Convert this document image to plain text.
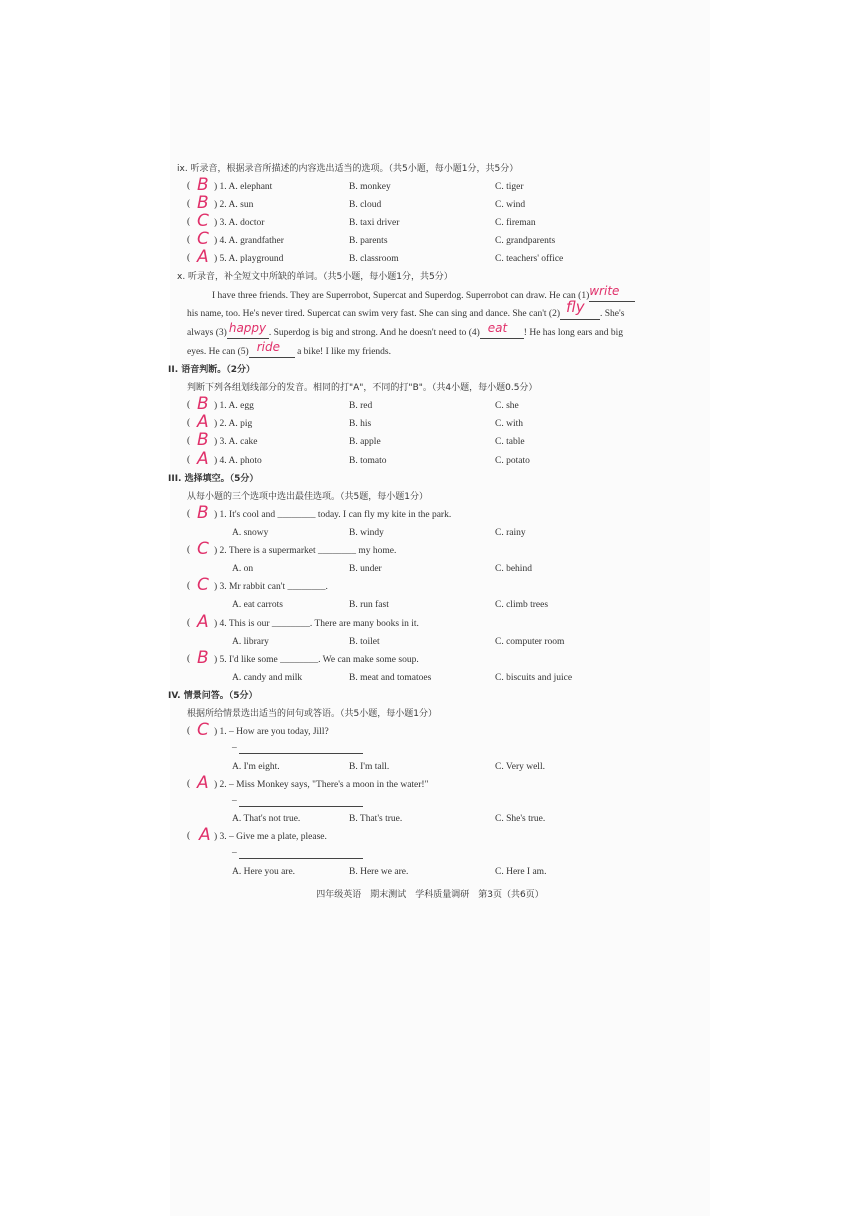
ix. 听录音，根据录音所描述的内容选出适当的选项。（共5小题，每小题1分，共5分）
( B ) 1. A. elephant	B. monkey	C. tiger
( B ) 2. A. sun	B. cloud	C. wind
( C ) 3. A. doctor	B. taxi driver	C. fireman
( C ) 4. A. grandfather	B. parents	C. grandparents
( A ) 5. A. playground	B. classroom	C. teachers' office
x. 听录音，补全短文中所缺的单词。（共5小题，每小题1分，共5分）
I have three friends. They are Superrobot, Supercat and Superdog. Superrobot can draw. He can (1) write
his name, too. He's never tired. Supercat can swim very fast. She can sing and dance. She can't (2) fly . She's
always (3) happy . Superdog is big and strong. And he doesn't need to (4) eat ! He has long ears and big
eyes. He can (5) ride a bike! I like my friends.
II. 语音判断。（2分）
判断下列各组划线部分的发音。相同的打"A"，不同的打"B"。（共4小题，每小题0.5分）
( B ) 1. A. egg	B. red	C. she
( A ) 2. A. pig	B. his	C. with
( B ) 3. A. cake	B. apple	C. table
( A ) 4. A. photo	B. tomato	C. potato
III. 选择填空。（5分）
从每小题的三个选项中选出最佳选项。（共5题，每小题1分）
( B ) 1. It's cool and ________ today. I can fly my kite in the park.
A. snowy	B. windy	C. rainy
( C ) 2. There is a supermarket ________ my home.
A. on	B. under	C. behind
( C ) 3. Mr rabbit can't ________.
A. eat carrots	B. run fast	C. climb trees
( A ) 4. This is our ________. There are many books in it.
A. library	B. toilet	C. computer room
( B ) 5. I'd like some ________. We can make some soup.
A. candy and milk	B. meat and tomatoes	C. biscuits and juice
IV. 情景问答。（5分）
根据所给情景选出适当的问句或答语。（共5小题，每小题1分）
( C ) 1. – How are you today, Jill?
–
A. I'm eight.	B. I'm tall.	C. Very well.
( A ) 2. – Miss Monkey says, "There's a moon in the water!"
–
A. That's not true.	B. That's true.	C. She's true.
( A ) 3. – Give me a plate, please.
–
A. Here you are.	B. Here we are.	C. Here I am.
四年级英语　期末测试　学科质量调研　第3页（共6页）
